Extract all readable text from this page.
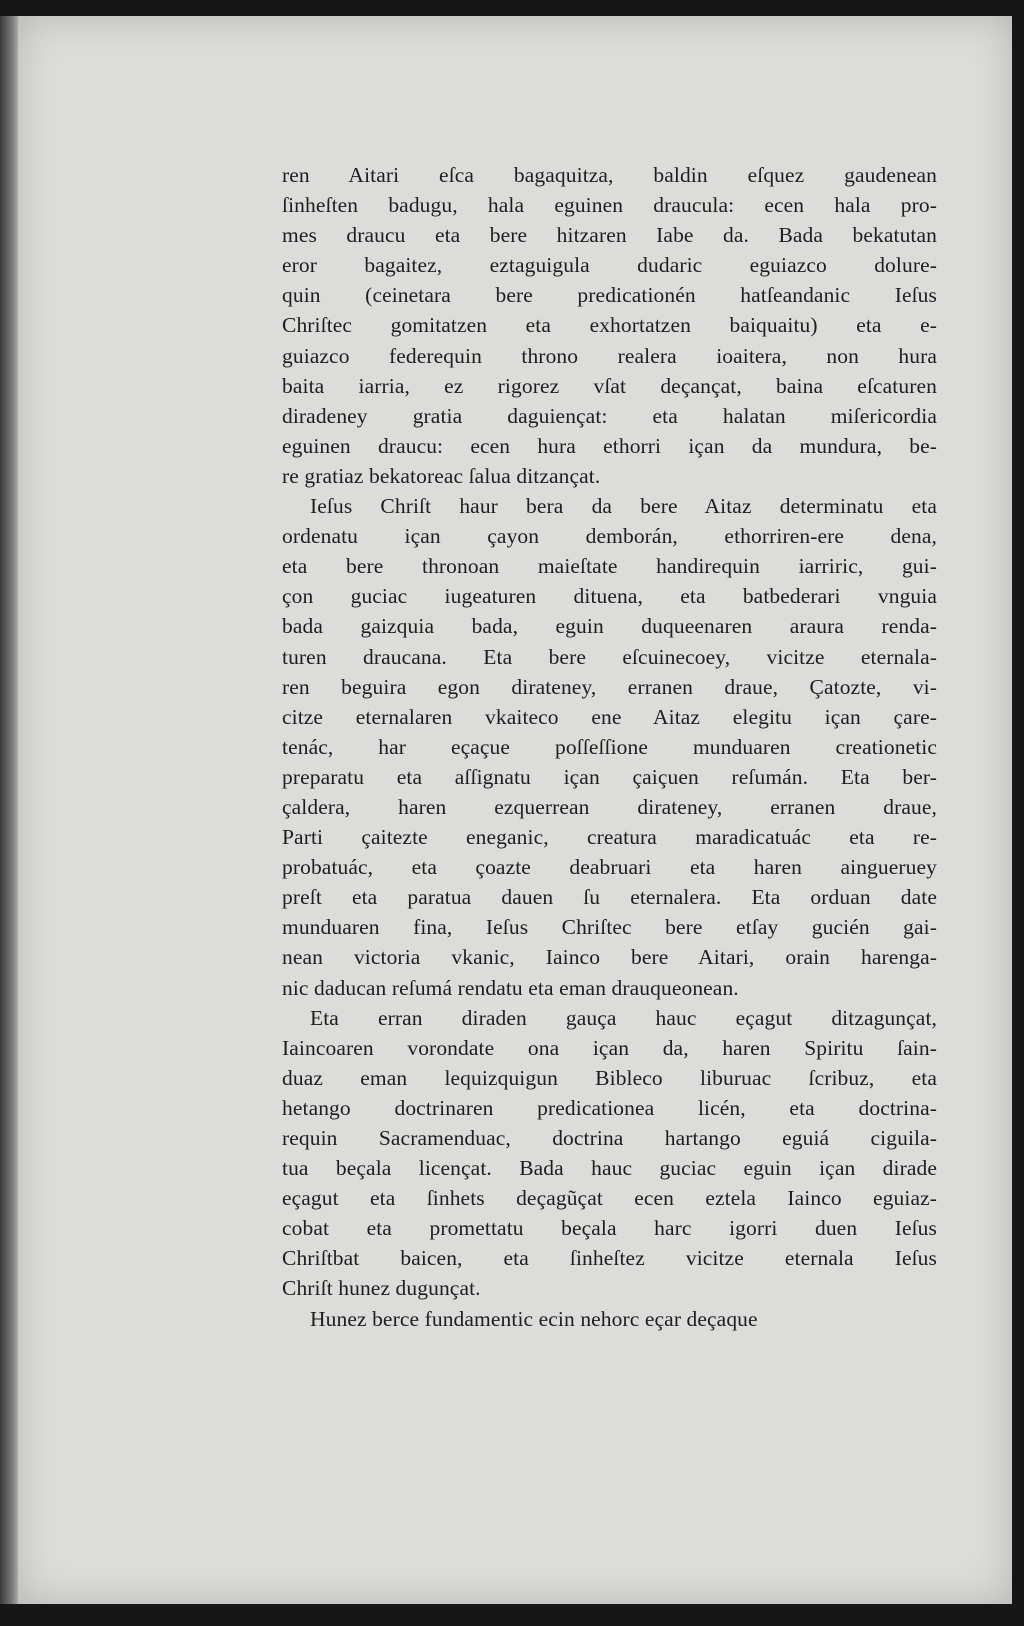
ren Aitari eſca bagaquitza, baldin eſquez gaudenean
ſinheſten badugu, hala eguinen draucula: ecen hala pro-
mes draucu eta bere hitzaren Iabe da. Bada bekatutan
eror bagaitez, eztaguigula dudaric eguiazco dolure-
quin (ceinetara bere predicationén hatſeandanic Ieſus
Chriſtec gomitatzen eta exhortatzen baiquaitu) eta e-
guiazco federequin throno realera ioaitera, non hura
baita iarria, ez rigorez vſat deçançat, baina eſcaturen
diradeney gratia daguiençat: eta halatan miſericordia
eguinen draucu: ecen hura ethorri içan da mundura, be-
re gratiaz bekatoreac ſalua ditzançat.
Ieſus Chriſt haur bera da bere Aitaz determinatu eta
ordenatu içan çayon demborán, ethorriren-ere dena,
eta bere thronoan maieſtate handirequin iarriric, gui-
çon guciac iugeaturen dituena, eta batbederari vnguia
bada gaizquia bada, eguin duqueenaren araura renda-
turen draucana. Eta bere eſcuinecoey, vicitze eternala-
ren beguira egon dirateney, erranen draue, Çatozte, vi-
citze eternalaren vkaiteco ene Aitaz elegitu içan çare-
tenác, har eçaçue poſſeſſione munduaren creationetic
preparatu eta aſſignatu içan çaiçuen reſumán. Eta ber-
çaldera, haren ezquerrean dirateney, erranen draue,
Parti çaitezte eneganic, creatura maradicatuác eta re-
probatuác, eta çoazte deabruari eta haren aingueruey
preſt eta paratua dauen ſu eternalera. Eta orduan date
munduaren fina, Ieſus Chriſtec bere etſay gucién gai-
nean victoria vkanic, Iainco bere Aitari, orain harenga-
nic daducan reſumá rendatu eta eman drauqueonean.
Eta erran diraden gauça hauc eçagut ditzagunçat,
Iaincoaren vorondate ona içan da, haren Spiritu ſain-
duaz eman lequizquigun Bibleco liburuac ſcribuz, eta
hetango doctrinaren predicationea licén, eta doctrina-
requin Sacramenduac, doctrina hartango eguiá ciguila-
tua beçala licençat. Bada hauc guciac eguin içan dirade
eçagut eta ſinhets deçagũçat ecen eztela Iainco eguiaz-
cobat eta promettatu beçala harc igorri duen Ieſus
Chriſtbat baicen, eta ſinheſtez vicitze eternala Ieſus
Chriſt hunez dugunçat.
Hunez berce fundamentic ecin nehorc eçar deçaque
